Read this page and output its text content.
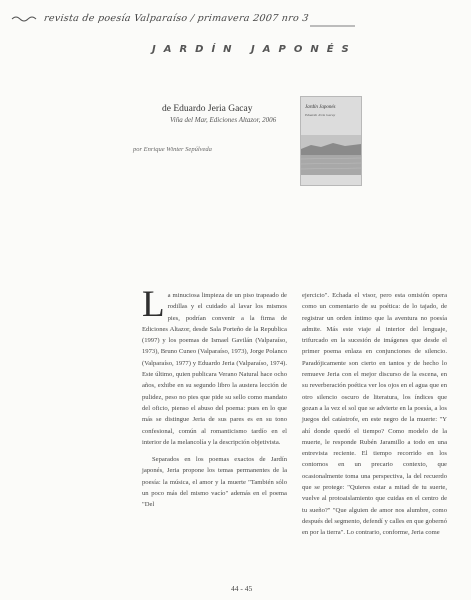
revista de poesía Valparaíso / primavera 2007 nro 3
JARDÍN JAPONÉS
de Eduardo Jeria Gacay
Viña del Mar, Ediciones Altazor, 2006
por Enrique Winter Sepúlveda
Jardín Japonés
Eduardo Jeria Gacay

L a minuciosa limpieza de un piso trapeado de rodillas y el cuidado al lavar los mismos pies, podrían convenir a la firma de Ediciones Altazor, desde Sala Porteño de la Republica (1997) y los poemas de Ismael Gavilán (Valparaíso, 1973), Bruno Cuneo (Valparaíso, 1973), Jorge Polanco (Valparaíso, 1977) y Eduardo Jeria (Valparaíso, 1974). Este último, quien publicara Verano Natural hace ocho años, exhibe en su segundo libro la austera lección de pulidez, peso no pies que pide su sello como mandato del oficio, pienso el abuso del poema: pues en lo que más se distingue Jeria de sus pares es en su tono confesional, común al romanticismo tardío en el interior de la melancolía y la descripción objetivista.

Separados en los poemas exactos de Jardín japonés, Jeria propone los temas permanentes de la poesía: la música, el amor y la muerte "También sólo un poco más del mismo vacío" además en el poema "Del

ejercicio". Echada el visor, pero esta omisión opera como un comentario de su poética: de lo tajado, de registrar un orden íntimo que la aventura no poesía admite. Más este viaje al interior del lenguaje, trifurcado en la sucesión de imágenes que desde el primer poema enlaza en conjunciones de silencio. Paradójicamente son cierto en tantos y de hecho lo remueve Jeria con el mejor discurso de la escena, en su reverberación poética ver los ojos en el agua que en otro silencio oscuro de literatura, los índices que gozan a la vez el sol que se advierte en la poesía, a los juegos del catástrofe, en este negro de la muerte: "Y ahí donde quedó el tiempo? Como modelo de la muerte, le responde Rubén Jaramillo a todo en una entrevista reciente. El tiempo recorrido en los contornos en un precario contexto, que ocasionalmente toma una perspectiva, la del recuerdo que se protege: "Quieres estar a mitad de tu suerte, vuelve al protoaislamiento que cuidas en el centro de tu sueño?" "Que alguien de amor nos alumbre, como después del segmento, defendí y calles en que gobernó en por la tierra". Lo contrario, conforme, Jeria come

44 - 45
